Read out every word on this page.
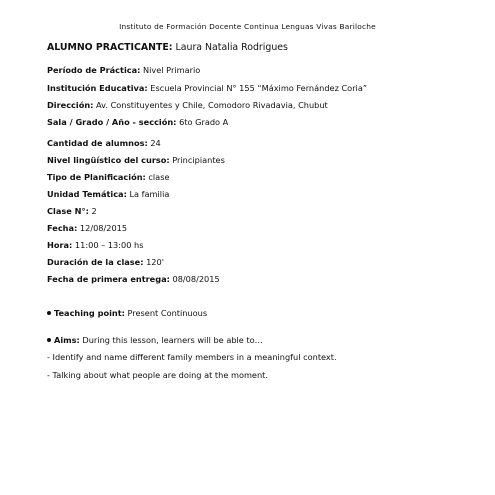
Instituto de Formación Docente Continua Lenguas Vivas Bariloche
ALUMNO PRACTICANTE: Laura Natalia Rodrigues
Período de Práctica: Nivel Primario
Institución Educativa: Escuela Provincial N° 155 “Máximo Fernández Coria”
Dirección: Av. Constituyentes y Chile, Comodoro Rivadavia, Chubut
Sala / Grado / Año - sección: 6to Grado A
Cantidad de alumnos: 24
Nivel lingüístico del curso: Principiantes
Tipo de Planificación: clase
Unidad Temática: La familia
Clase N°: 2
Fecha: 12/08/2015
Hora: 11:00 – 13:00 hs
Duración de la clase: 120'
Fecha de primera entrega: 08/08/2015
Teaching point: Present Continuous
Aims: During this lesson, learners will be able to…
- Identify and name different family members in a meaningful context.
- Talking about what people are doing at the moment.
